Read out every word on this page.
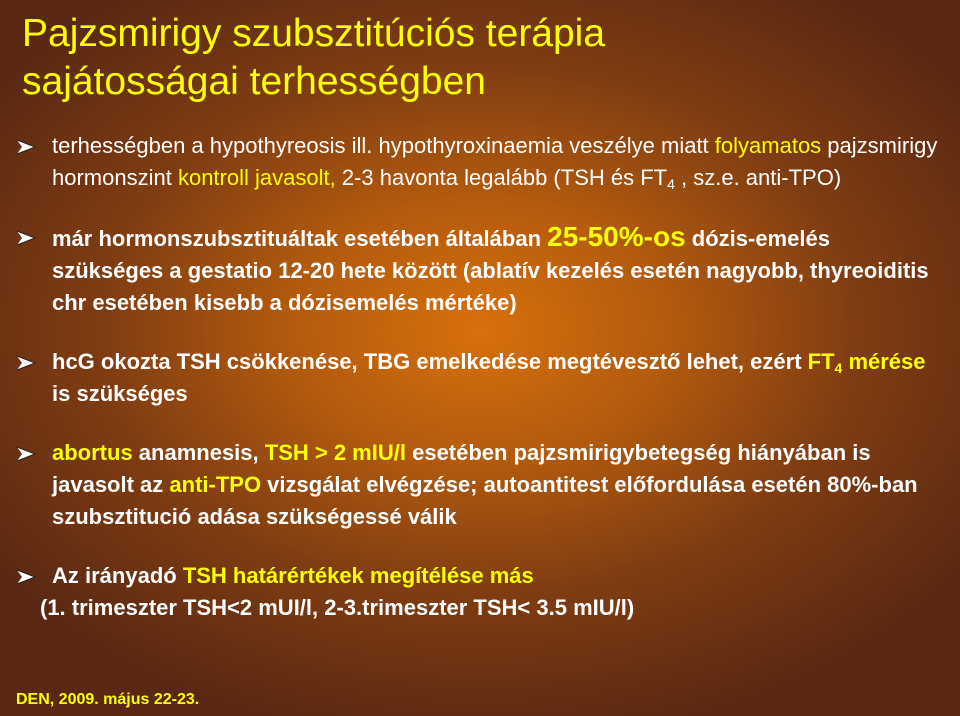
Pajzsmirigy szubsztitúciós terápia
sajátosságai terhességben
terhességben a hypothyreosis ill. hypothyroxinaemia veszélye miatt folyamatos pajzsmirigy hormonszint kontroll javasolt, 2-3 havonta legalább (TSH és $FT_4$ , sz.e. anti-TPO)
már hormonszubsztituáltak esetében általában 25-50%-os dózis-emelés szükséges a gestatio 12-20 hete között (ablatív kezelés esetén nagyobb, thyreoiditis chr esetében kisebb a dózisemelés mértéke)
hcG okozta TSH csökkenése, TBG emelkedése megtévesztő lehet, ezért $FT_4$ mérése is szükséges
abortus anamnesis, TSH > 2 mIU/l esetében pajzsmirigybetegség hiányában is javasolt az anti-TPO vizsgálat elvégzése; autoantitest előfordulása esetén 80%-ban szubsztitució adása szükségessé válik
Az irányadó TSH határértékek megítélése más
(1. trimeszter TSH<2 mUI/l, 2-3.trimeszter TSH< 3.5 mIU/l)
DEN, 2009. május 22-23.
